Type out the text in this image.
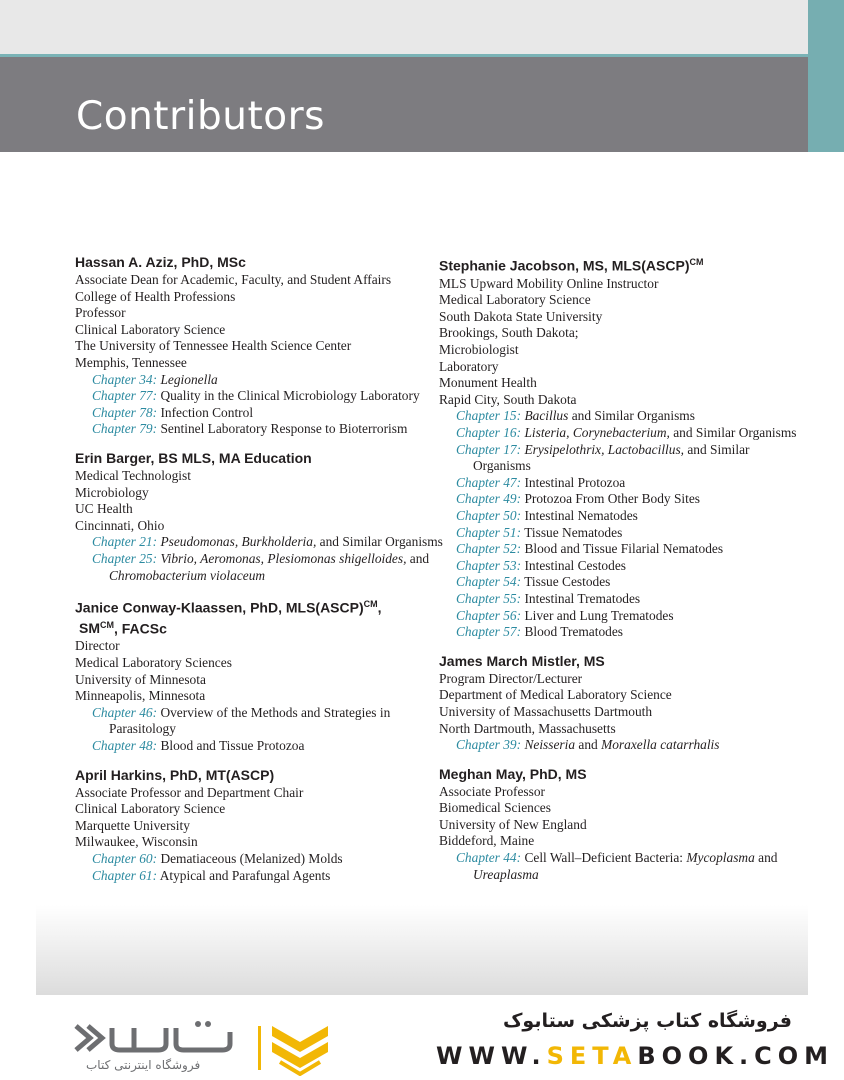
Contributors
Hassan A. Aziz, PhD, MSc
Associate Dean for Academic, Faculty, and Student Affairs
College of Health Professions
Professor
Clinical Laboratory Science
The University of Tennessee Health Science Center
Memphis, Tennessee
Chapter 34: Legionella
Chapter 77: Quality in the Clinical Microbiology Laboratory
Chapter 78: Infection Control
Chapter 79: Sentinel Laboratory Response to Bioterrorism
Erin Barger, BS MLS, MA Education
Medical Technologist
Microbiology
UC Health
Cincinnati, Ohio
Chapter 21: Pseudomonas, Burkholderia, and Similar Organisms
Chapter 25: Vibrio, Aeromonas, Plesiomonas shigelloides, and Chromobacterium violaceum
Janice Conway-Klaassen, PhD, MLS(ASCP)$^{CM}$,
$SM^{CM}$, FACSc
Director
Medical Laboratory Sciences
University of Minnesota
Minneapolis, Minnesota
Chapter 46: Overview of the Methods and Strategies in Parasitology
Chapter 48: Blood and Tissue Protozoa
April Harkins, PhD, MT(ASCP)
Associate Professor and Department Chair
Clinical Laboratory Science
Marquette University
Milwaukee, Wisconsin
Chapter 60: Dematiaceous (Melanized) Molds
Chapter 61: Atypical and Parafungal Agents
Stephanie Jacobson, MS, MLS(ASCP)$^{CM}$
MLS Upward Mobility Online Instructor
Medical Laboratory Science
South Dakota State University
Brookings, South Dakota;
Microbiologist
Laboratory
Monument Health
Rapid City, South Dakota
Chapter 15: Bacillus and Similar Organisms
Chapter 16: Listeria, Corynebacterium, and Similar Organisms
Chapter 17: Erysipelothrix, Lactobacillus, and Similar Organisms
Chapter 47: Intestinal Protozoa
Chapter 49: Protozoa From Other Body Sites
Chapter 50: Intestinal Nematodes
Chapter 51: Tissue Nematodes
Chapter 52: Blood and Tissue Filarial Nematodes
Chapter 53: Intestinal Cestodes
Chapter 54: Tissue Cestodes
Chapter 55: Intestinal Trematodes
Chapter 56: Liver and Lung Trematodes
Chapter 57: Blood Trematodes
James March Mistler, MS
Program Director/Lecturer
Department of Medical Laboratory Science
University of Massachusetts Dartmouth
North Dartmouth, Massachusetts
Chapter 39: Neisseria and Moraxella catarrhalis
Meghan May, PhD, MS
Associate Professor
Biomedical Sciences
University of New England
Biddeford, Maine
Chapter 44: Cell Wall–Deficient Bacteria: Mycoplasma and Ureaplasma
فروشگاه اینترنتی کتاب
فروشگاه کتاب پزشکی ستابوک
WWW.SETABOOK.COM
